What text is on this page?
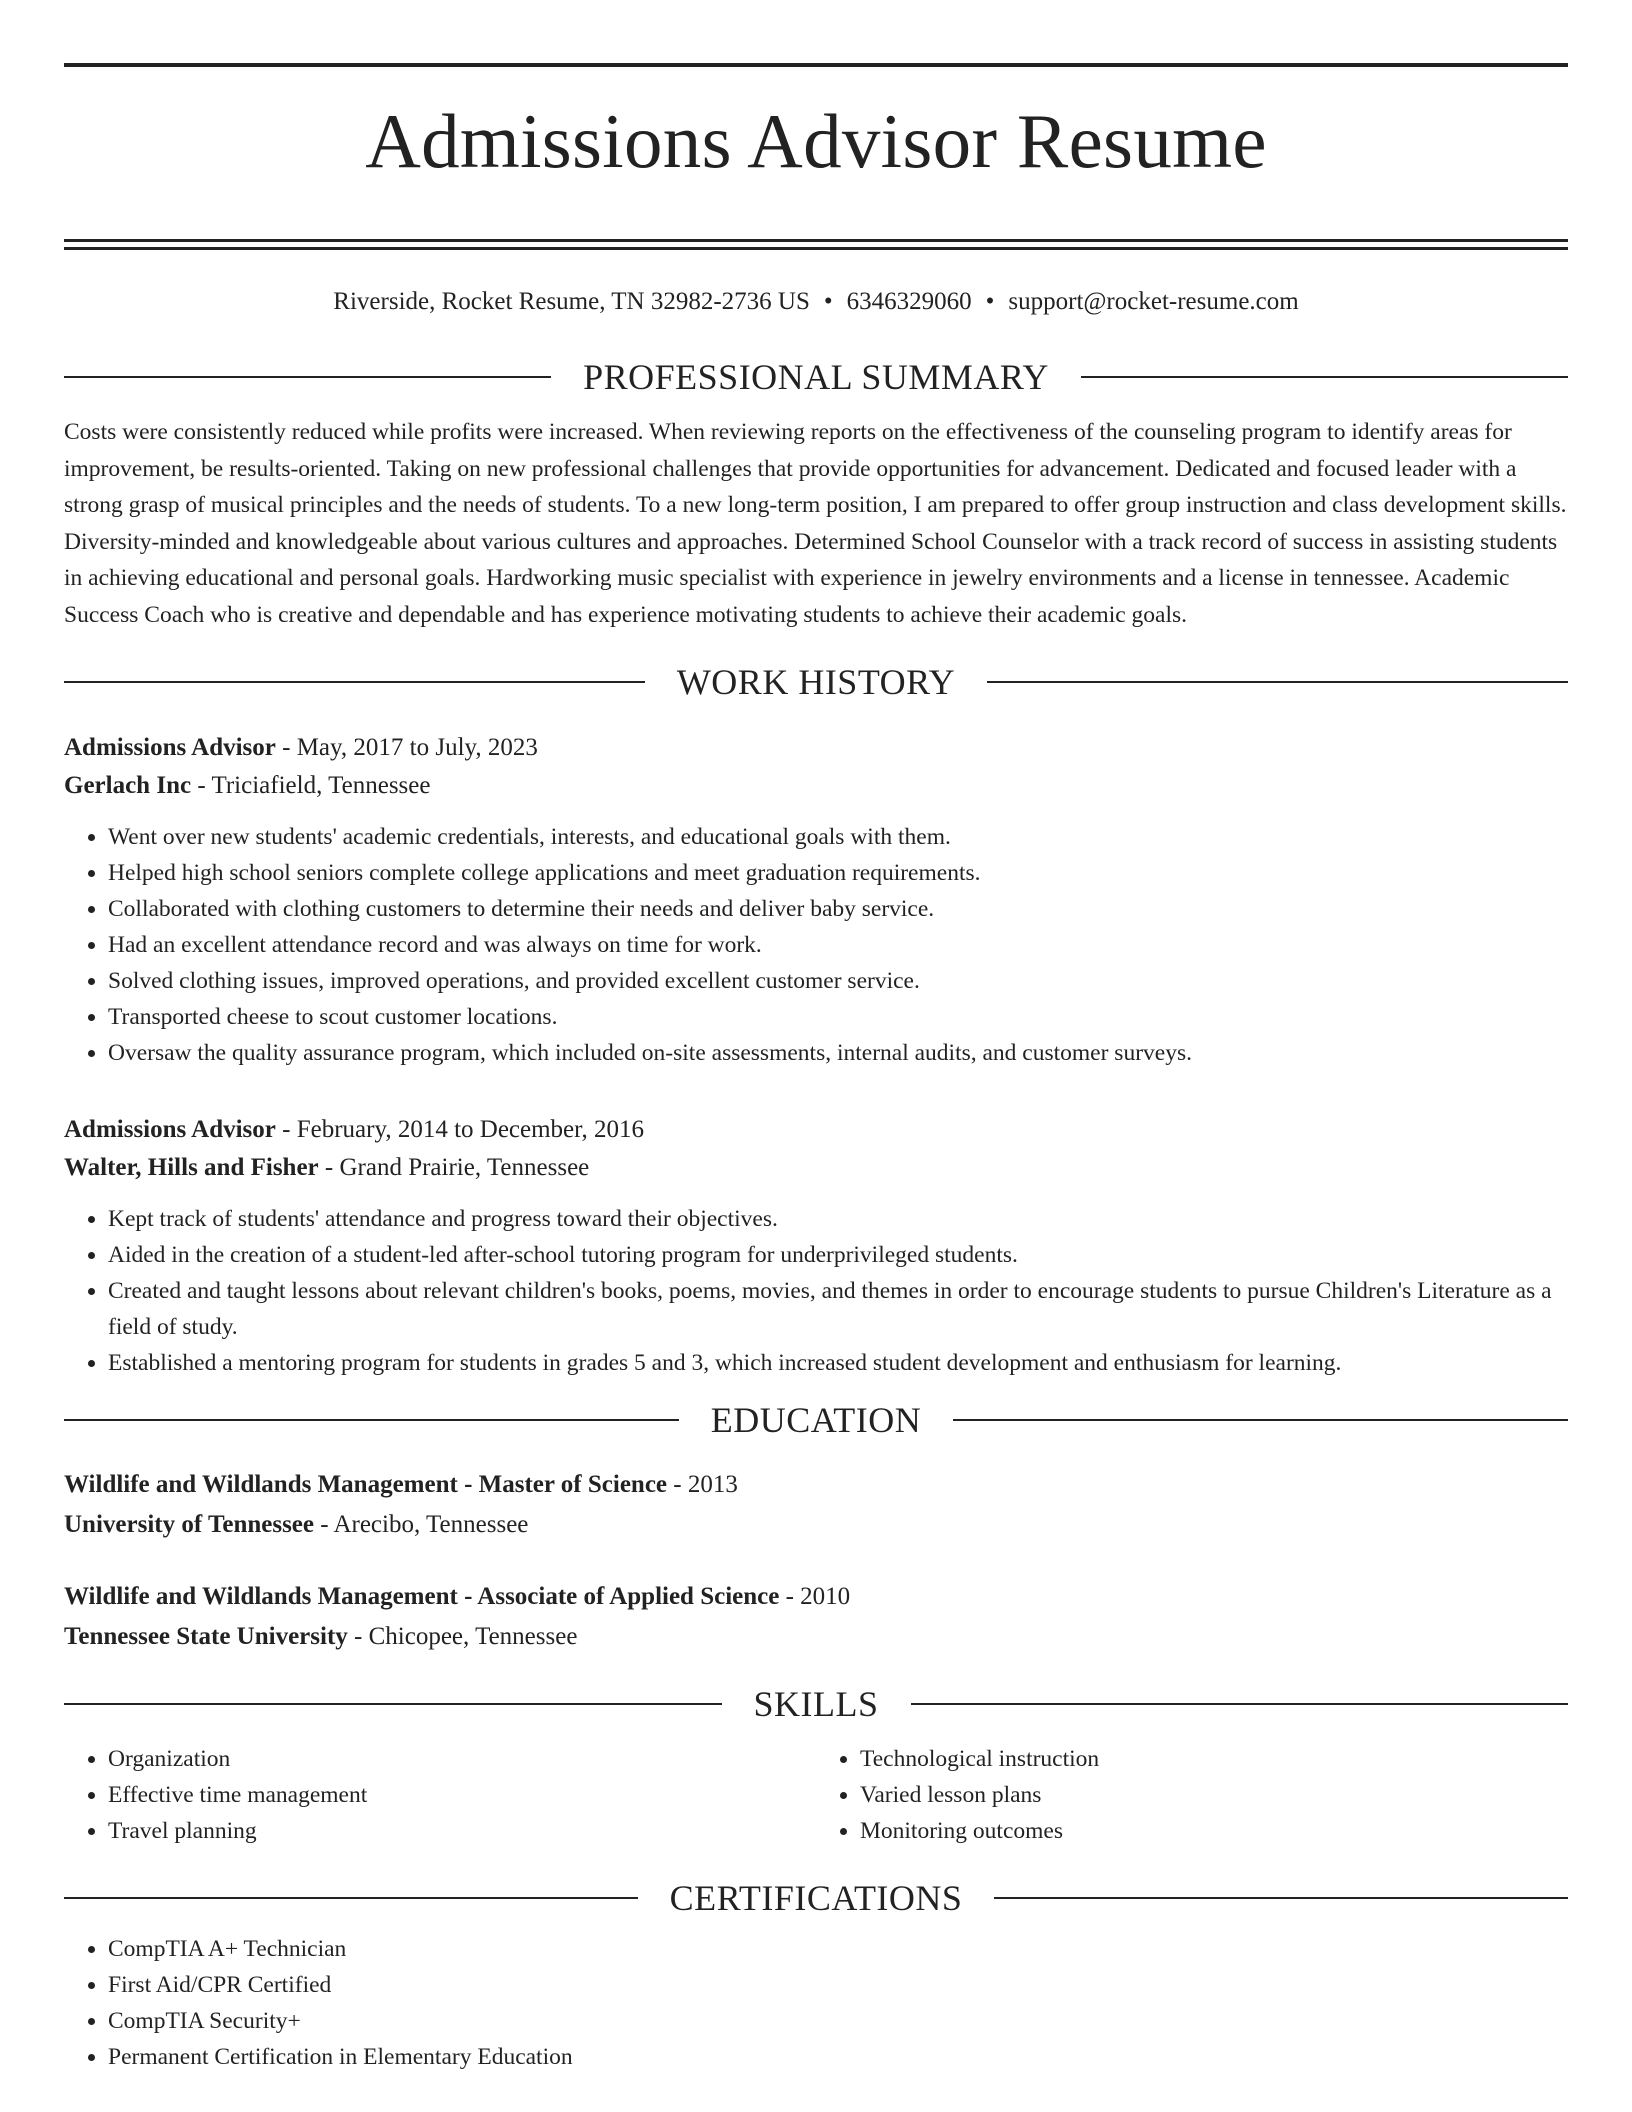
Admissions Advisor Resume
Riverside, Rocket Resume, TN 32982-2736 US • 6346329060 • support@rocket-resume.com
PROFESSIONAL SUMMARY

Costs were consistently reduced while profits were increased. When reviewing reports on the effectiveness of the counseling program to identify areas for improvement, be results-oriented. Taking on new professional challenges that provide opportunities for advancement. Dedicated and focused leader with a strong grasp of musical principles and the needs of students. To a new long-term position, I am prepared to offer group instruction and class development skills. Diversity-minded and knowledgeable about various cultures and approaches. Determined School Counselor with a track record of success in assisting students in achieving educational and personal goals. Hardworking music specialist with experience in jewelry environments and a license in tennessee. Academic Success Coach who is creative and dependable and has experience motivating students to achieve their academic goals.

WORK HISTORY
Admissions Advisor - May, 2017 to July, 2023
Gerlach Inc - Triciafield, Tennessee
• Went over new students' academic credentials, interests, and educational goals with them.
• Helped high school seniors complete college applications and meet graduation requirements.
• Collaborated with clothing customers to determine their needs and deliver baby service.
• Had an excellent attendance record and was always on time for work.
• Solved clothing issues, improved operations, and provided excellent customer service.
• Transported cheese to scout customer locations.
• Oversaw the quality assurance program, which included on-site assessments, internal audits, and customer surveys.
Admissions Advisor - February, 2014 to December, 2016
Walter, Hills and Fisher - Grand Prairie, Tennessee
• Kept track of students' attendance and progress toward their objectives.
• Aided in the creation of a student-led after-school tutoring program for underprivileged students.
• Created and taught lessons about relevant children's books, poems, movies, and themes in order to encourage students to pursue Children's Literature as a field of study.
• Established a mentoring program for students in grades 5 and 3, which increased student development and enthusiasm for learning.
EDUCATION
Wildlife and Wildlands Management - Master of Science - 2013
University of Tennessee - Arecibo, Tennessee
Wildlife and Wildlands Management - Associate of Applied Science - 2010
Tennessee State University - Chicopee, Tennessee
SKILLS
• Organization
• Effective time management
• Travel planning
• Technological instruction
• Varied lesson plans
• Monitoring outcomes
CERTIFICATIONS
• CompTIA A+ Technician
• First Aid/CPR Certified
• CompTIA Security+
• Permanent Certification in Elementary Education
